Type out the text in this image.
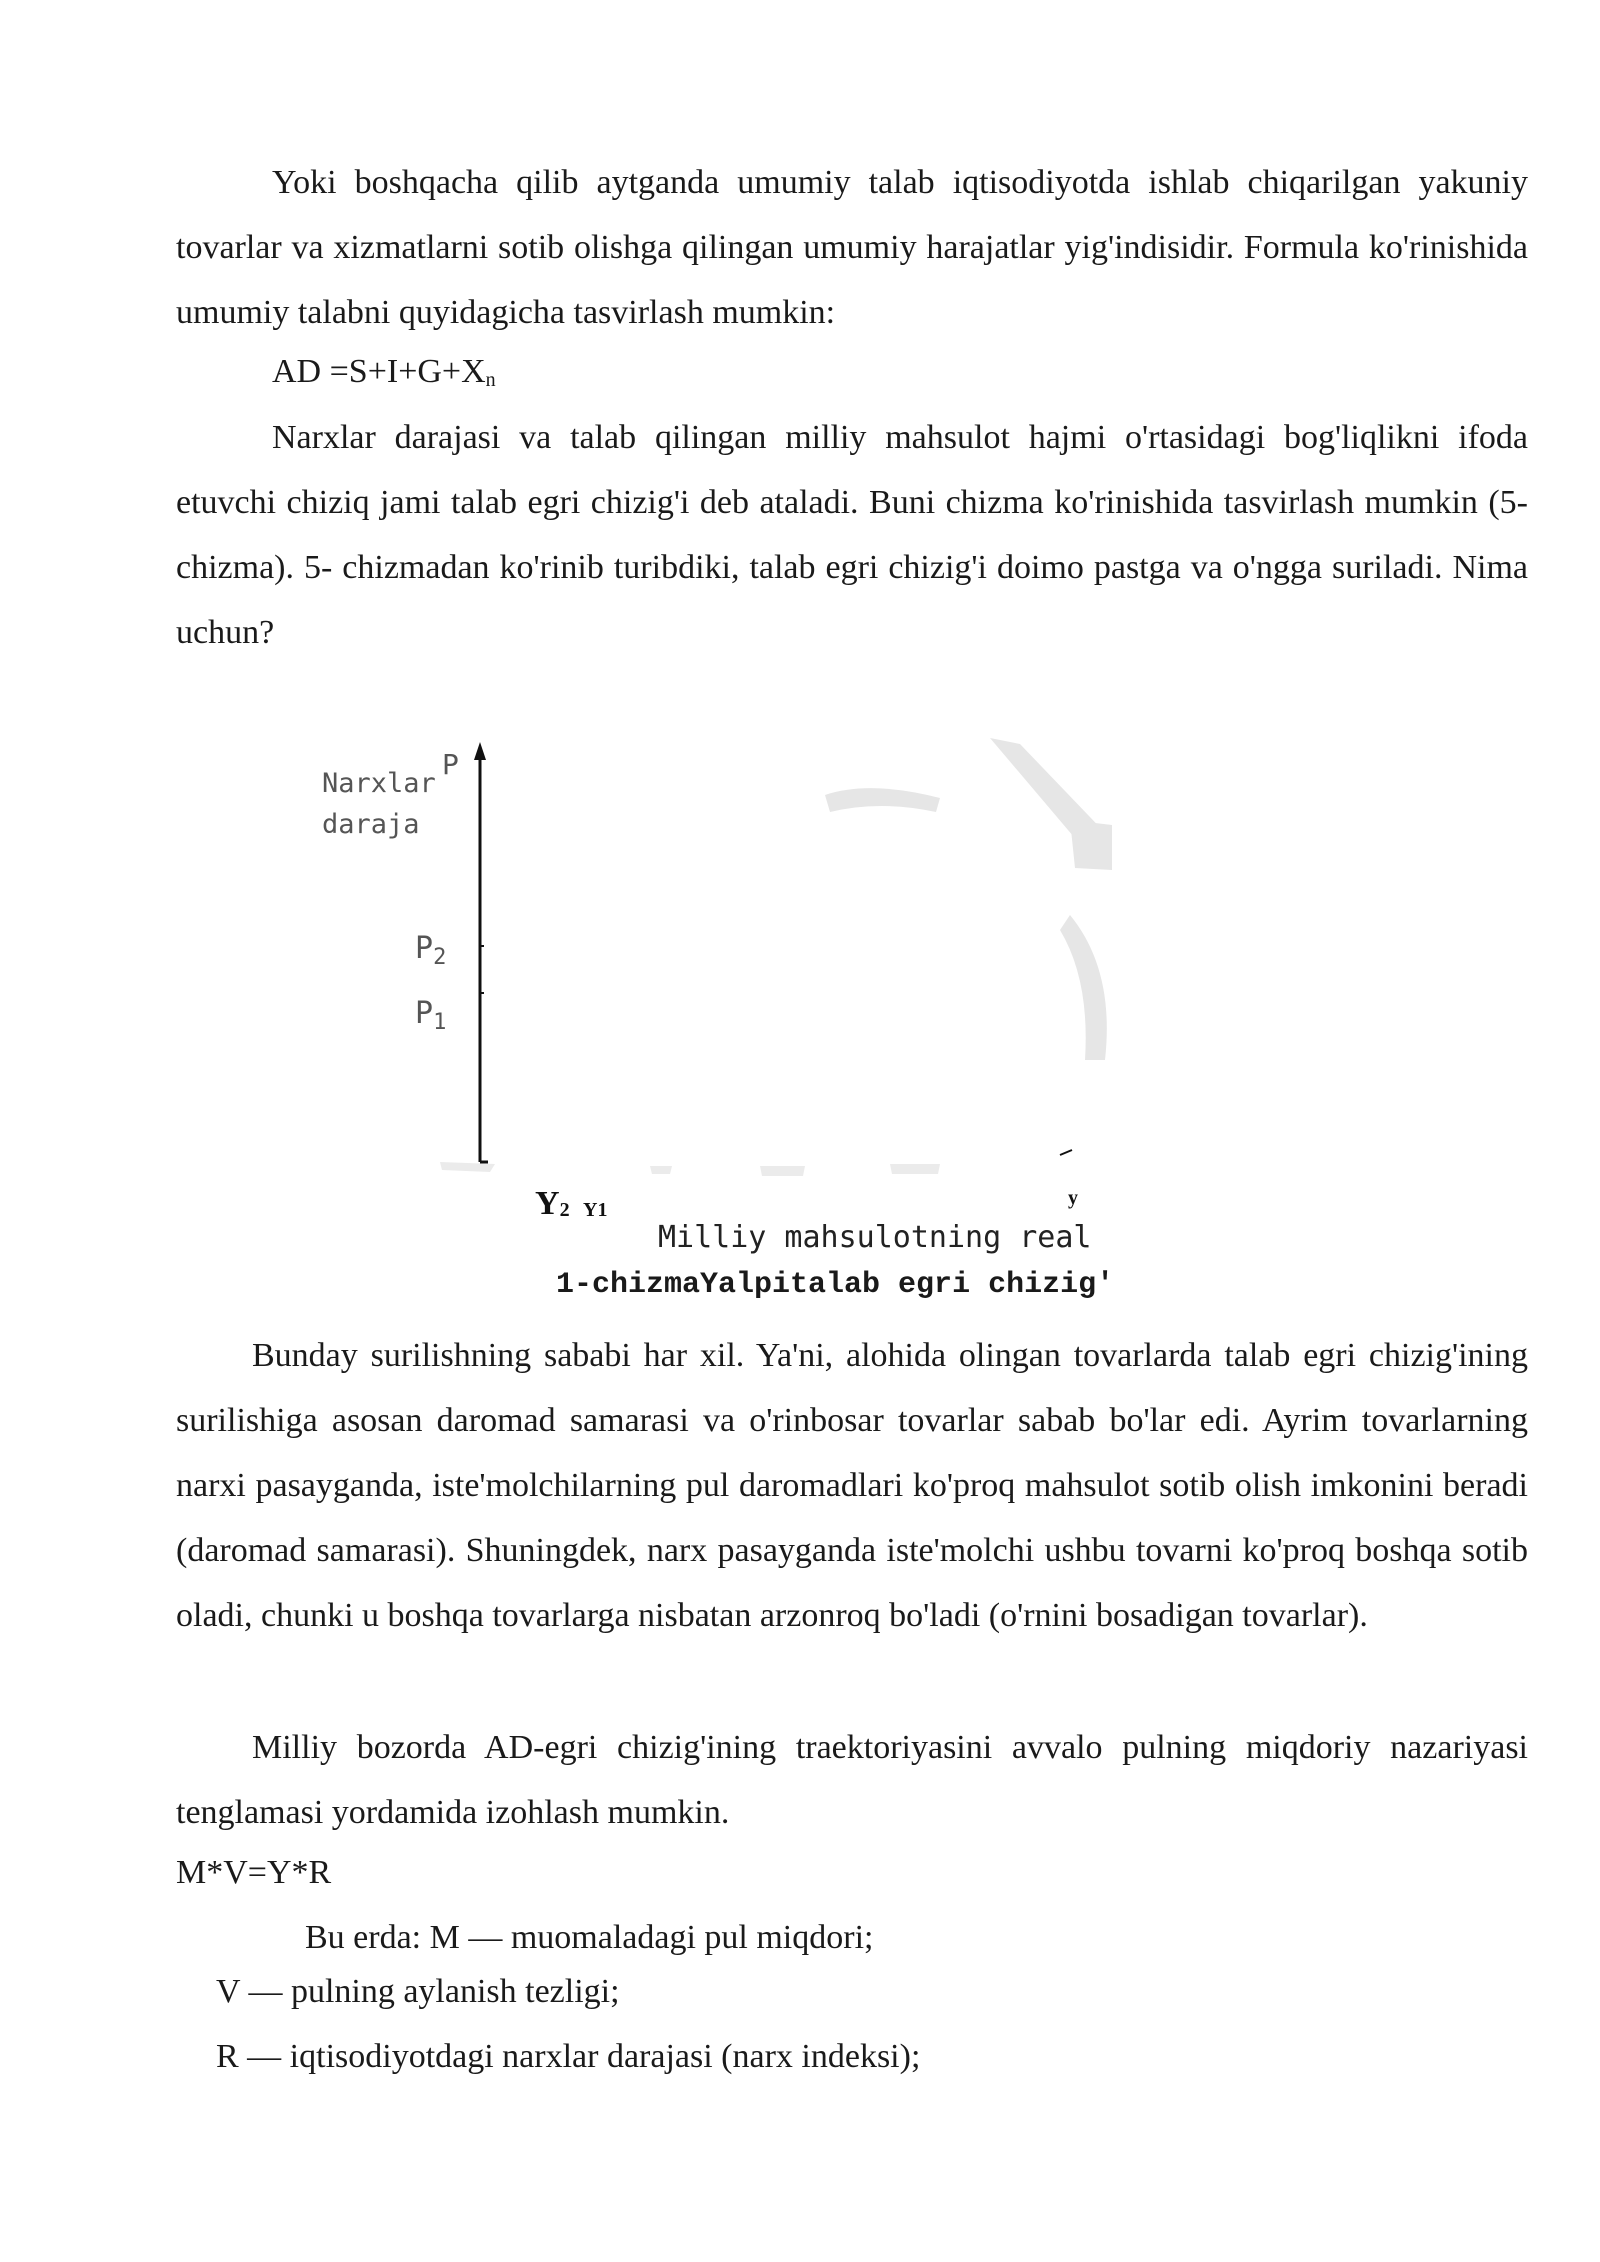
Yoki boshqacha qilib aytganda umumiy talab iqtisodiyotda ishlab chiqarilgan yakuniy tovarlar va xizmatlarni sotib olishga qilingan umumiy harajatlar yig'indisidir. Formula ko'rinishida umumiy talabni quyidagicha tasvirlash mumkin:

AD $=S+I+G+X_n$

Narxlar darajasi va talab qilingan milliy mahsulot hajmi o'rtasidagi bog'liqlikni ifoda etuvchi chiziq jami talab egri chizig'i deb ataladi. Buni chizma ko'rinishida tasvirlash mumkin (5- chizma). 5- chizmadan ko'rinib turibdiki, talab egri chizig'i doimo pastga va o'ngga suriladi. Nima uchun?

P
Narxlar
daraja
$P_2$
$P_1$
Y2 Y1
y
Milliy mahsulotning real

1-chizmaYalpitalab egri chizig'

Bunday surilishning sababi har xil. Ya'ni, alohida olingan tovarlarda talab egri chizig'ining surilishiga asosan daromad samarasi va o'rinbosar tovarlar sabab bo'lar edi. Ayrim tovarlarning narxi pasayganda, iste'molchilarning pul daromadlari ko'proq mahsulot sotib olish imkonini beradi (daromad samarasi). Shuningdek, narx pasayganda iste'molchi ushbu tovarni ko'proq boshqa sotib oladi, chunki u boshqa tovarlarga nisbatan arzonroq bo'ladi (o'rnini bosadigan tovarlar).

Milliy bozorda AD-egri chizig'ining traektoriyasini avvalo pulning miqdoriy nazariyasi tenglamasi yordamida izohlash mumkin.

M*V=Y*R

Bu erda: M — muomaladagi pul miqdori;

V — pulning aylanish tezligi;

R — iqtisodiyotdagi narxlar darajasi (narx indeksi);
